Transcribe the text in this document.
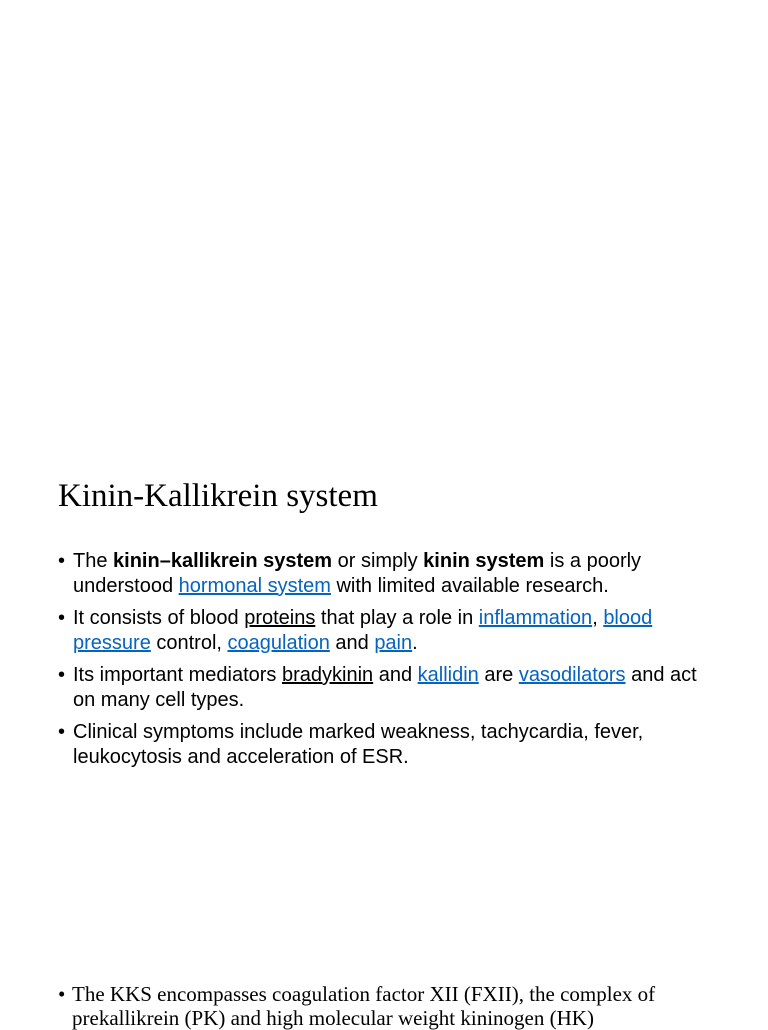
Kinin-Kallikrein system
• The kinin–kallikrein system or simply kinin system is a poorly understood hormonal system with limited available research.
• It consists of blood proteins that play a role in inflammation, blood pressure control, coagulation and pain.
• Its important mediators bradykinin and kallidin are vasodilators and act on many cell types.
• Clinical symptoms include marked weakness, tachycardia, fever, leukocytosis and acceleration of ESR.
• The KKS encompasses coagulation factor XII (FXII), the complex of prekallikrein (PK) and high molecular weight kininogen (HK)
